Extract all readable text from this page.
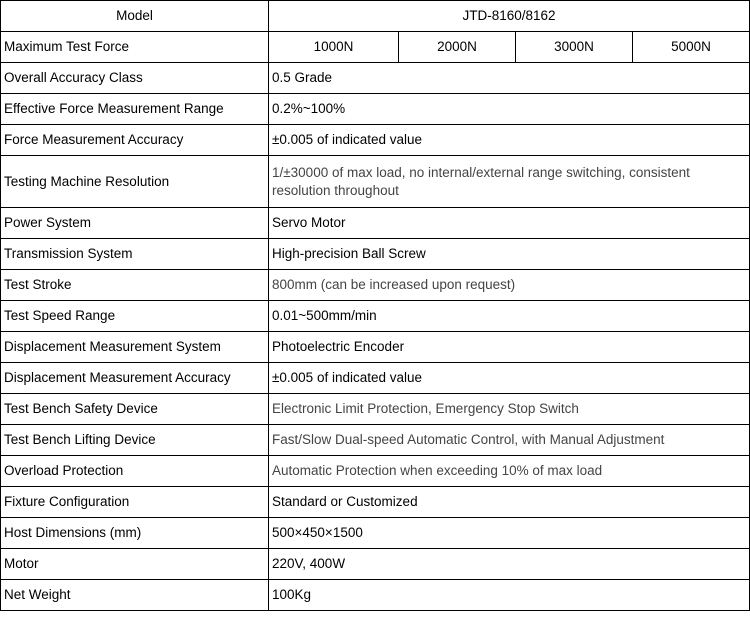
Model	JTD-8160/8162			
Maximum Test Force	1000N	2000N	3000N	5000N
Overall Accuracy Class	0.5 Grade			
Effective Force Measurement Range	0.2%~100%			
Force Measurement Accuracy	±0.005 of indicated value			
Testing Machine Resolution	1/±30000 of max load, no internal/external range switching, consistent resolution throughout			
Power System	Servo Motor			
Transmission System	High-precision Ball Screw			
Test Stroke	800mm (can be increased upon request)			
Test Speed Range	0.01~500mm/min			
Displacement Measurement System	Photoelectric Encoder			
Displacement Measurement Accuracy	±0.005 of indicated value			
Test Bench Safety Device	Electronic Limit Protection, Emergency Stop Switch			
Test Bench Lifting Device	Fast/Slow Dual-speed Automatic Control, with Manual Adjustment			
Overload Protection	Automatic Protection when exceeding 10% of max load			
Fixture Configuration	Standard or Customized			
Host Dimensions (mm)	500×450×1500			
Motor	220V, 400W			
Net Weight	100Kg			
